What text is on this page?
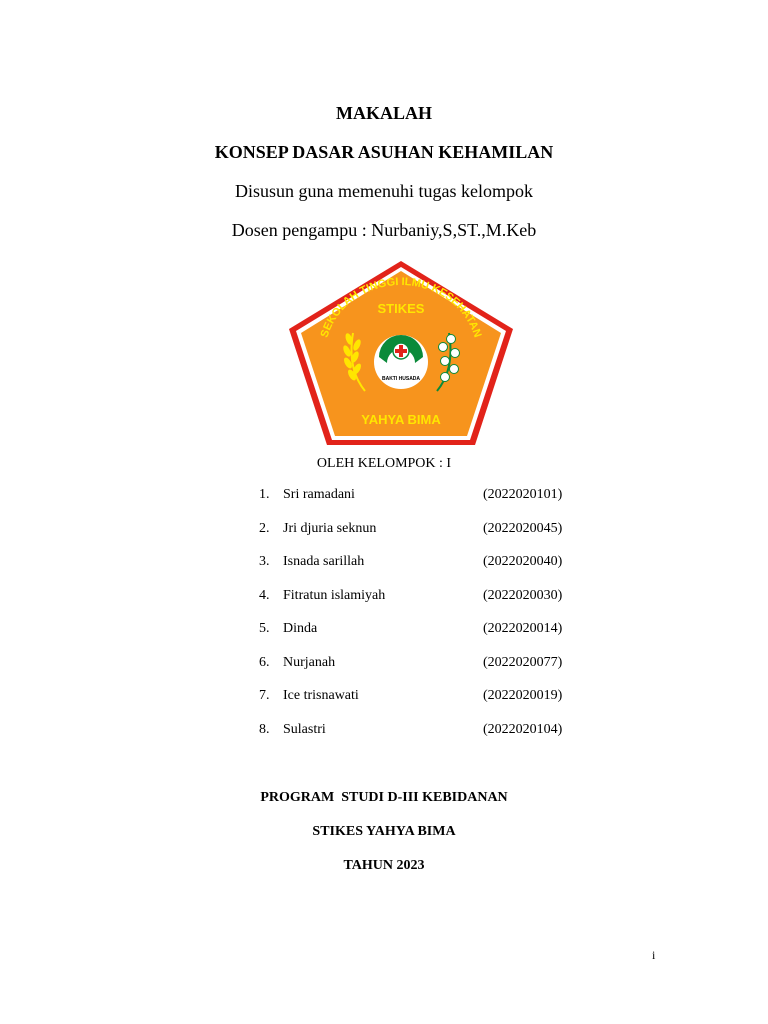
MAKALAH
KONSEP DASAR ASUHAN KEHAMILAN
Disusun guna memenuhi tugas kelompok
Dosen pengampu : Nurbaniy,S,ST.,M.Keb
SEKOLAH TINGGI ILMU KESEHATAN
STIKES
BAKTI HUSADA
YAHYA BIMA
OLEH KELOMPOK : I
1. Sri ramadani	(2022020101)
2. Jri djuria seknun	(2022020045)
3. Isnada sarillah	(2022020040)
4. Fitratun islamiyah	(2022020030)
5. Dinda	(2022020014)
6. Nurjanah	(2022020077)
7. Ice trisnawati	(2022020019)
8. Sulastri	(2022020104)
PROGRAM  STUDI D-III KEBIDANAN
STIKES YAHYA BIMA
TAHUN 2023
i
